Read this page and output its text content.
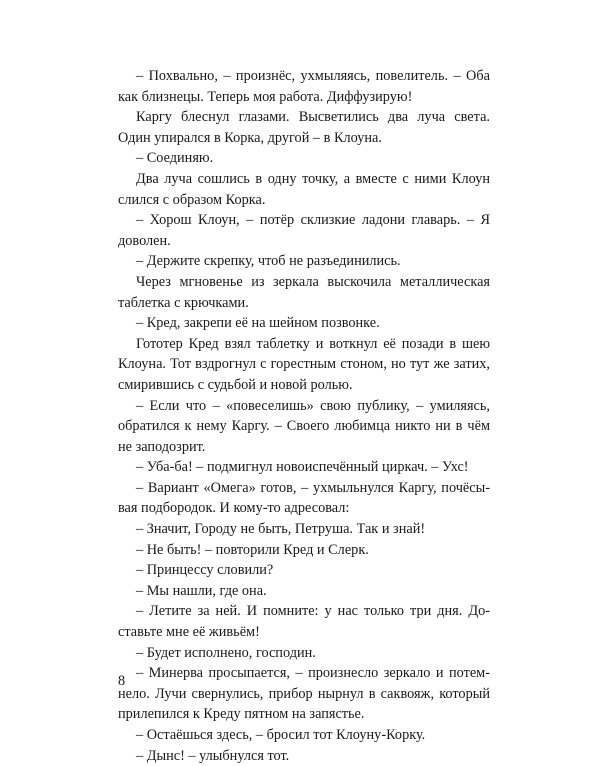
– Похвально, – произнёс, ухмыляясь, повелитель. – Оба как близнецы. Теперь моя работа. Диффузирую!

Каргу блеснул глазами. Высветились два луча света. Один упирался в Корка, другой – в Клоуна.

– Соединяю.

Два луча сошлись в одну точку, а вместе с ними Клоун слился с образом Корка.

– Хорош Клоун, – потёр склизкие ладони главарь. – Я доволен.

– Держите скрепку, чтоб не разъединились.

Через мгновенье из зеркала выскочила металлическая таблетка с крючками.

– Кред, закрепи её на шейном позвонке.

Гототер Кред взял таблетку и воткнул её позади в шею Клоуна. Тот вздрогнул с горестным стоном, но тут же затих, смирившись с судьбой и новой ролью.

– Если что – «повеселишь» свою публику, – умиляясь, обратился к нему Каргу. – Своего любимца никто ни в чём не заподозрит.

– Уба-ба! – подмигнул новоиспечённый циркач. – Ухс!

– Вариант «Омега» готов, – ухмыльнулся Каргу, почёсывая подбородок. И кому-то адресовал:

– Значит, Городу не быть, Петруша. Так и знай!

– Не быть! – повторили Кред и Слерк.

– Принцессу словили?

– Мы нашли, где она.

– Летите за ней. И помните: у нас только три дня. Доставьте мне её живьём!

– Будет исполнено, господин.

– Минерва просыпается, – произнесло зеркало и потемнело. Лучи свернулись, прибор нырнул в саквояж, который прилепился к Креду пятном на запястье.

– Остаёшься здесь, – бросил тот Клоуну-Корку.

– Дынс! – улыбнулся тот.

8
